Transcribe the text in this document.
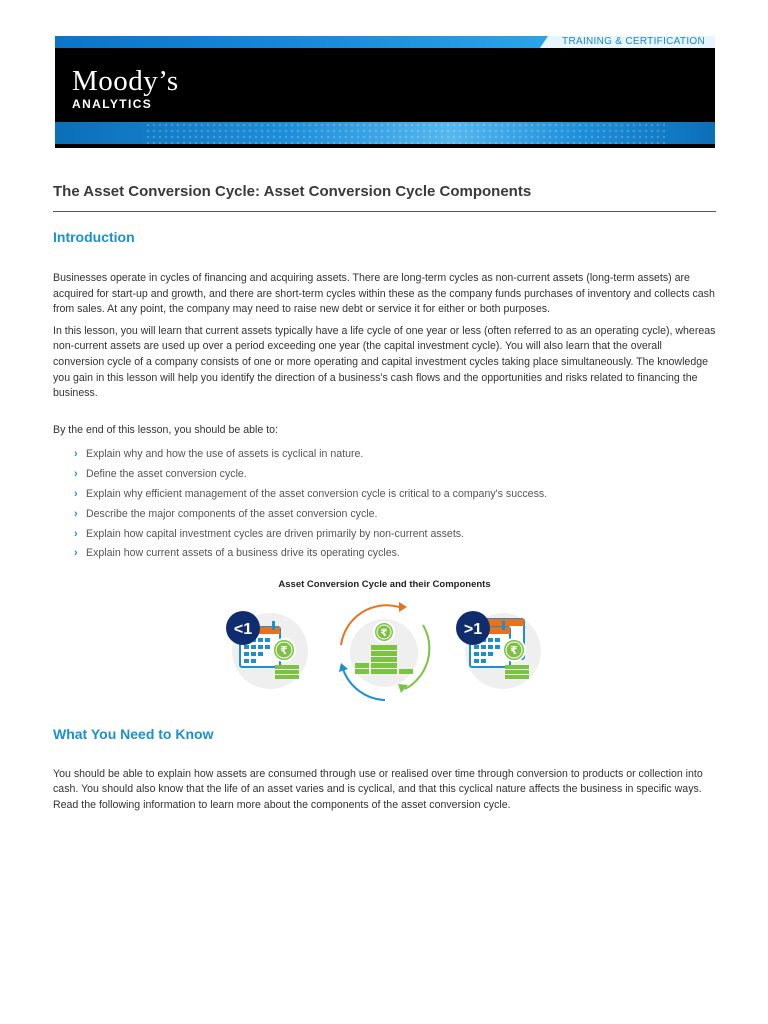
TRAINING & CERTIFICATION
Moody’s
ANALYTICS
The Asset Conversion Cycle: Asset Conversion Cycle Components
Introduction

Businesses operate in cycles of financing and acquiring assets. There are long-term cycles as non-current assets (long-term assets) are acquired for start-up and growth, and there are short-term cycles within these as the company funds purchases of inventory and collects cash from sales. At any point, the company may need to raise new debt or service it for either or both purposes.

In this lesson, you will learn that current assets typically have a life cycle of one year or less (often referred to as an operating cycle), whereas non-current assets are used up over a period exceeding one year (the capital investment cycle). You will also learn that the overall conversion cycle of a company consists of one or more operating and capital investment cycles taking place simultaneously. The knowledge you gain in this lesson will help you identify the direction of a business's cash flows and the opportunities and risks related to financing the business.

By the end of this lesson, you should be able to:

› Explain why and how the use of assets is cyclical in nature.
› Define the asset conversion cycle.
› Explain why efficient management of the asset conversion cycle is critical to a company's success.
› Describe the major components of the asset conversion cycle.
› Explain how capital investment cycles are driven primarily by non-current assets.
› Explain how current assets of a business drive its operating cycles.

Asset Conversion Cycle and their Components

<1	>1
₹
₹
₹
What You Need to Know

You should be able to explain how assets are consumed through use or realised over time through conversion to products or collection into cash. You should also know that the life of an asset varies and is cyclical, and that this cyclical nature affects the business in specific ways. Read the following information to learn more about the components of the asset conversion cycle.
